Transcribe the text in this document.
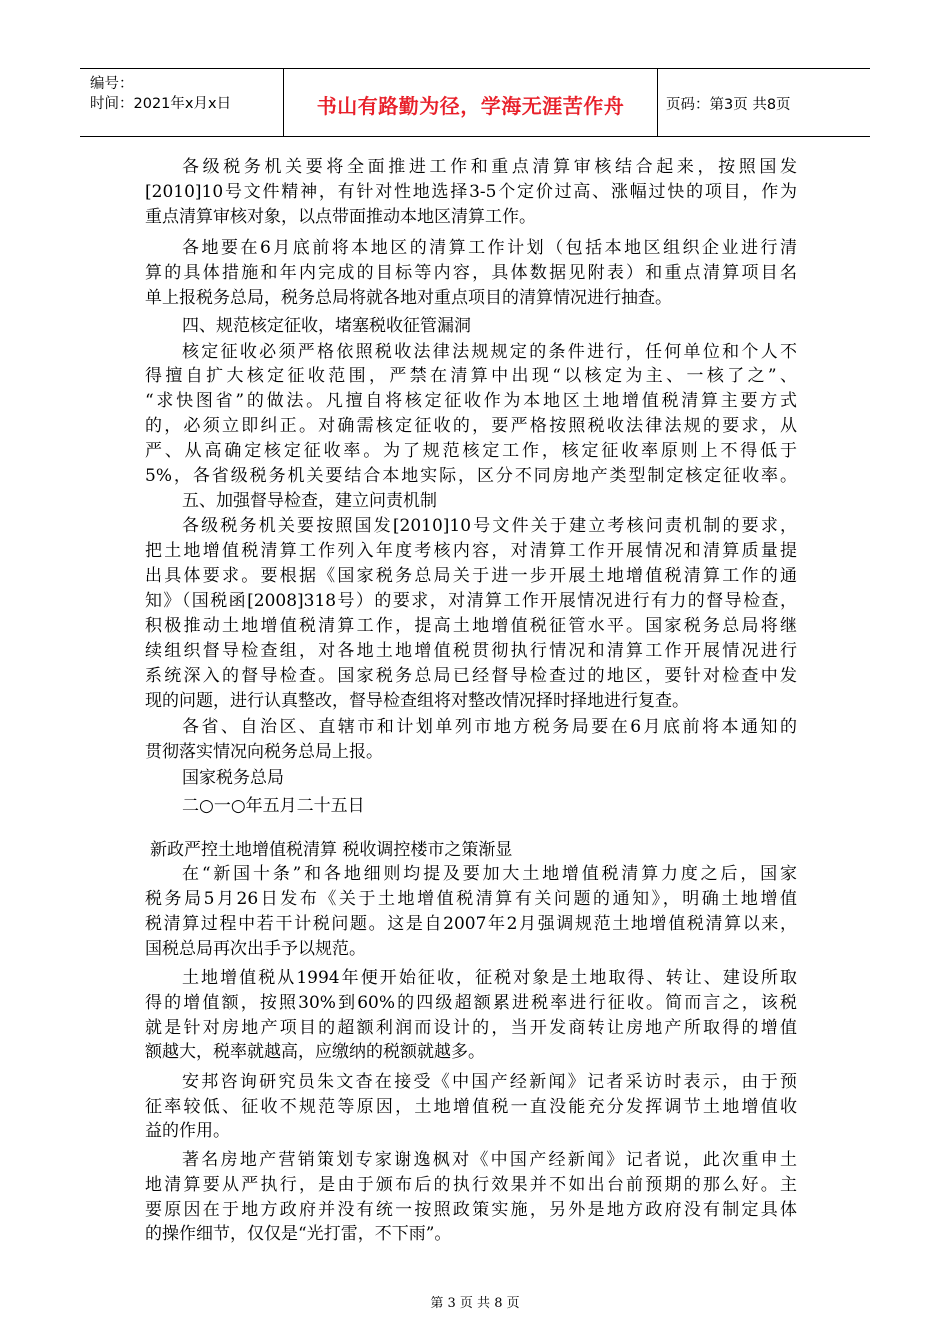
编号：
时间：2021年x月x日	书山有路勤为径，学海无涯苦作舟	页码：第3页 共8页
各级税务机关要将全面推进工作和重点清算审核结合起来，按照国发
[2010]10号文件精神，有针对性地选择3-5个定价过高、涨幅过快的项目，作为
重点清算审核对象，以点带面推动本地区清算工作。
各地要在6月底前将本地区的清算工作计划（包括本地区组织企业进行清
算的具体措施和年内完成的目标等内容，具体数据见附表）和重点清算项目名
单上报税务总局，税务总局将就各地对重点项目的清算情况进行抽查。
四、规范核定征收，堵塞税收征管漏洞
核定征收必须严格依照税收法律法规规定的条件进行，任何单位和个人不
得擅自扩大核定征收范围，严禁在清算中出现“以核定为主、一核了之”、
“求快图省”的做法。凡擅自将核定征收作为本地区土地增值税清算主要方式
的，必须立即纠正。对确需核定征收的，要严格按照税收法律法规的要求，从
严、从高确定核定征收率。为了规范核定工作，核定征收率原则上不得低于
5%，各省级税务机关要结合本地实际，区分不同房地产类型制定核定征收率。
五、加强督导检查，建立问责机制
各级税务机关要按照国发[2010]10号文件关于建立考核问责机制的要求，
把土地增值税清算工作列入年度考核内容，对清算工作开展情况和清算质量提
出具体要求。要根据《国家税务总局关于进一步开展土地增值税清算工作的通
知》（国税函[2008]318号）的要求，对清算工作开展情况进行有力的督导检查，
积极推动土地增值税清算工作，提高土地增值税征管水平。国家税务总局将继
续组织督导检查组，对各地土地增值税贯彻执行情况和清算工作开展情况进行
系统深入的督导检查。国家税务总局已经督导检查过的地区，要针对检查中发
现的问题，进行认真整改，督导检查组将对整改情况择时择地进行复查。
各省、自治区、直辖市和计划单列市地方税务局要在6月底前将本通知的
贯彻落实情况向税务总局上报。
国家税务总局
二○一○年五月二十五日
新政严控土地增值税清算 税收调控楼市之策渐显
在“新国十条”和各地细则均提及要加大土地增值税清算力度之后，国家
税务局5月26日发布《关于土地增值税清算有关问题的通知》，明确土地增值
税清算过程中若干计税问题。这是自2007年2月强调规范土地增值税清算以来，
国税总局再次出手予以规范。
土地增值税从1994年便开始征收，征税对象是土地取得、转让、建设所取
得的增值额，按照30%到60%的四级超额累进税率进行征收。简而言之，该税
就是针对房地产项目的超额利润而设计的，当开发商转让房地产所取得的增值
额越大，税率就越高，应缴纳的税额就越多。
安邦咨询研究员朱文杳在接受《中国产经新闻》记者采访时表示，由于预
征率较低、征收不规范等原因，土地增值税一直没能充分发挥调节土地增值收
益的作用。
著名房地产营销策划专家谢逸枫对《中国产经新闻》记者说，此次重申土
地清算要从严执行，是由于颁布后的执行效果并不如出台前预期的那么好。主
要原因在于地方政府并没有统一按照政策实施，另外是地方政府没有制定具体
的操作细节，仅仅是“光打雷，不下雨”。
第 3 页 共 8 页
